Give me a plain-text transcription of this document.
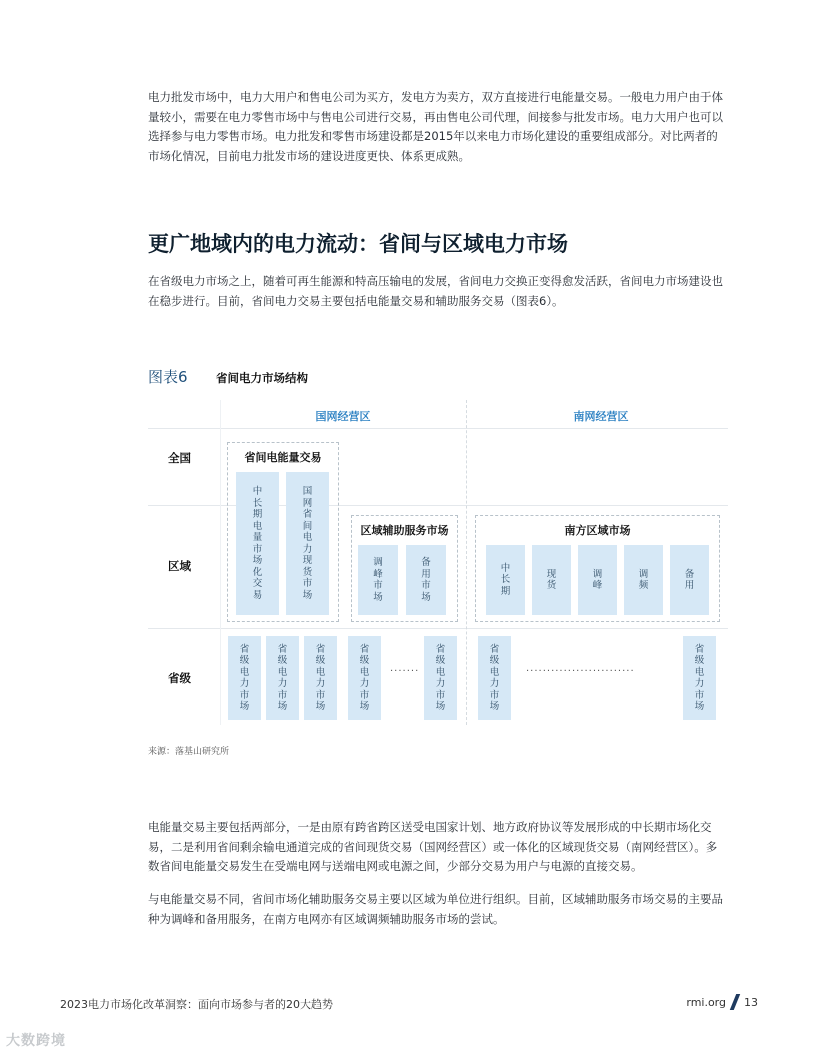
电力批发市场中，电力大用户和售电公司为买方，发电方为卖方，双方直接进行电能量交易。一般电力用户由于体量较小，需要在电力零售市场中与售电公司进行交易，再由售电公司代理，间接参与批发市场。电力大用户也可以选择参与电力零售市场。电力批发和零售市场建设都是2015年以来电力市场化建设的重要组成部分。对比两者的市场化情况，目前电力批发市场的建设进度更快、体系更成熟。

更广地域内的电力流动：省间与区域电力市场

在省级电力市场之上，随着可再生能源和特高压输电的发展，省间电力交换正变得愈发活跃，省间电力市场建设也在稳步进行。目前，省间电力交易主要包括电能量交易和辅助服务交易（图表6）。

图表6 省间电力市场结构
国网经营区	南网经营区
全国
区域
省级
省间电能量交易
中长期电量市场化交易
国网省间电力现货市场
区域辅助服务市场
调峰市场
备用市场
南方区域市场
中长期
现货
调峰
调频
备用
省级电力市场
省级电力市场
省级电力市场
省级电力市场
·······
省级电力市场
省级电力市场
··························
省级电力市场
来源：落基山研究所

电能量交易主要包括两部分，一是由原有跨省跨区送受电国家计划、地方政府协议等发展形成的中长期市场化交易，二是利用省间剩余输电通道完成的省间现货交易（国网经营区）或一体化的区域现货交易（南网经营区）。多数省间电能量交易发生在受端电网与送端电网或电源之间，少部分交易为用户与电源的直接交易。

与电能量交易不同，省间市场化辅助服务交易主要以区域为单位进行组织。目前，区域辅助服务市场交易的主要品种为调峰和备用服务，在南方电网亦有区域调频辅助服务市场的尝试。

2023电力市场化改革洞察：面向市场参与者的20大趋势	rmi.org 13
大数跨境
